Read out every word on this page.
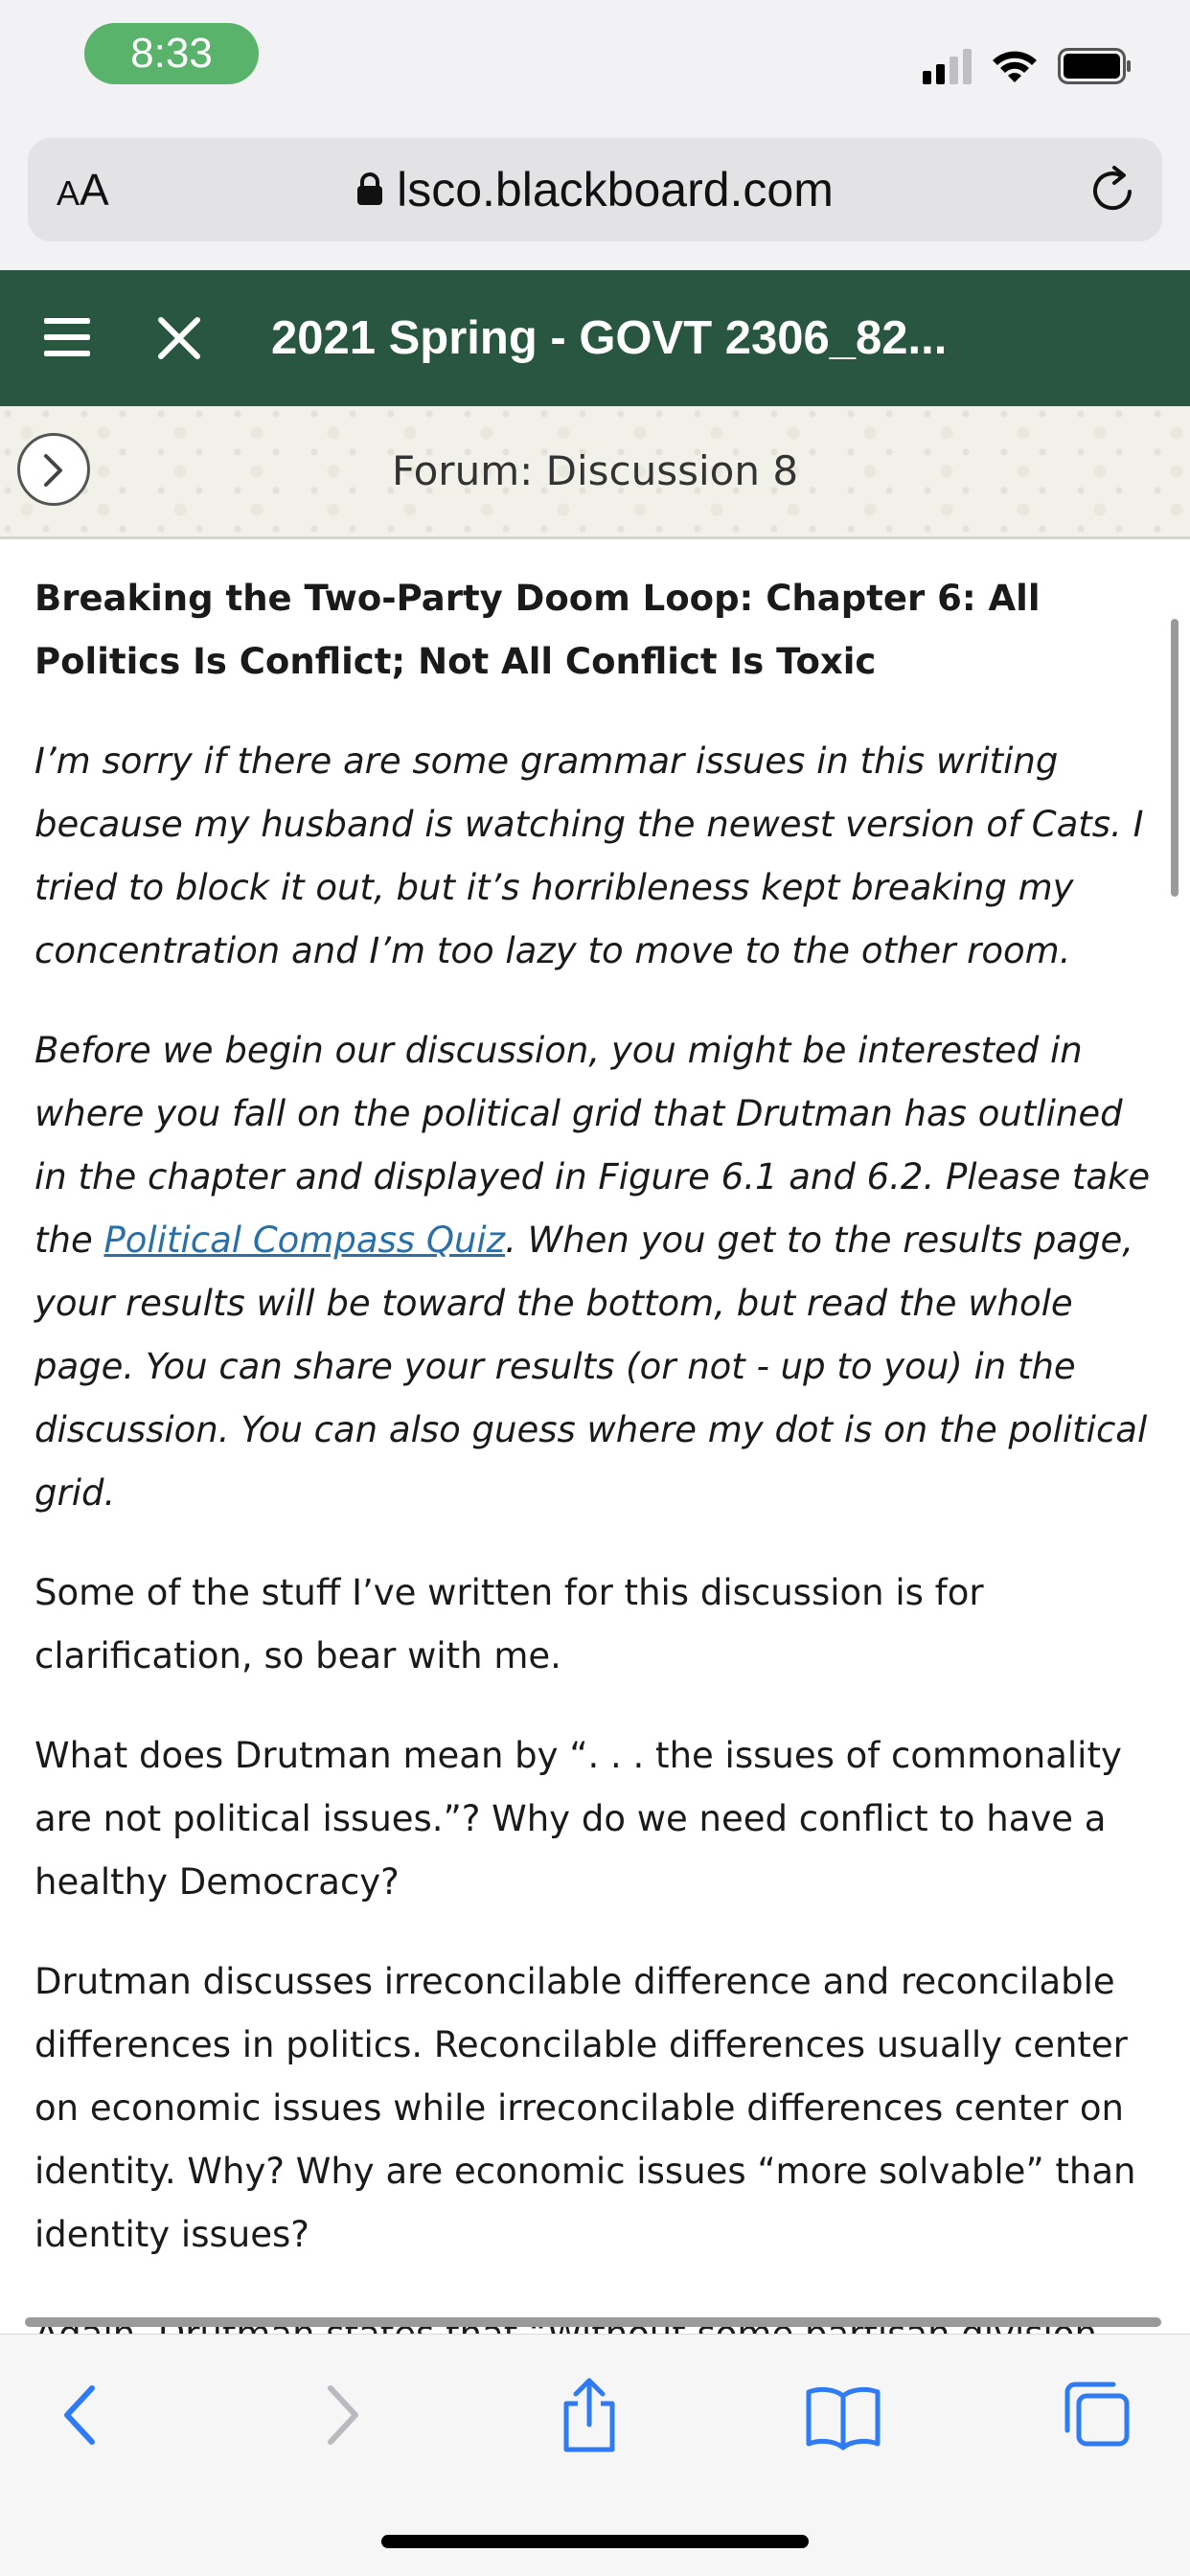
8:33
AA	lsco.blackboard.com
2021 Spring - GOVT 2306_82...
Forum: Discussion 8

Breaking the Two-Party Doom Loop: Chapter 6: All Politics Is Conflict; Not All Conflict Is Toxic

I’m sorry if there are some grammar issues in this writing because my husband is watching the newest version of Cats. I tried to block it out, but it’s horribleness kept breaking my concentration and I’m too lazy to move to the other room.

Before we begin our discussion, you might be interested in where you fall on the political grid that Drutman has outlined in the chapter and displayed in Figure 6.1 and 6.2. Please take the Political Compass Quiz. When you get to the results page, your results will be toward the bottom, but read the whole page. You can share your results (or not - up to you) in the discussion. You can also guess where my dot is on the political grid.

Some of the stuff I’ve written for this discussion is for clarification, so bear with me.

What does Drutman mean by “. . . the issues of commonality are not political issues.”? Why do we need conflict to have a healthy Democracy?

Drutman discusses irreconcilable difference and reconcilable differences in politics. Reconcilable differences usually center on economic issues while irreconcilable differences center on identity. Why? Why are economic issues “more solvable” than identity issues?
